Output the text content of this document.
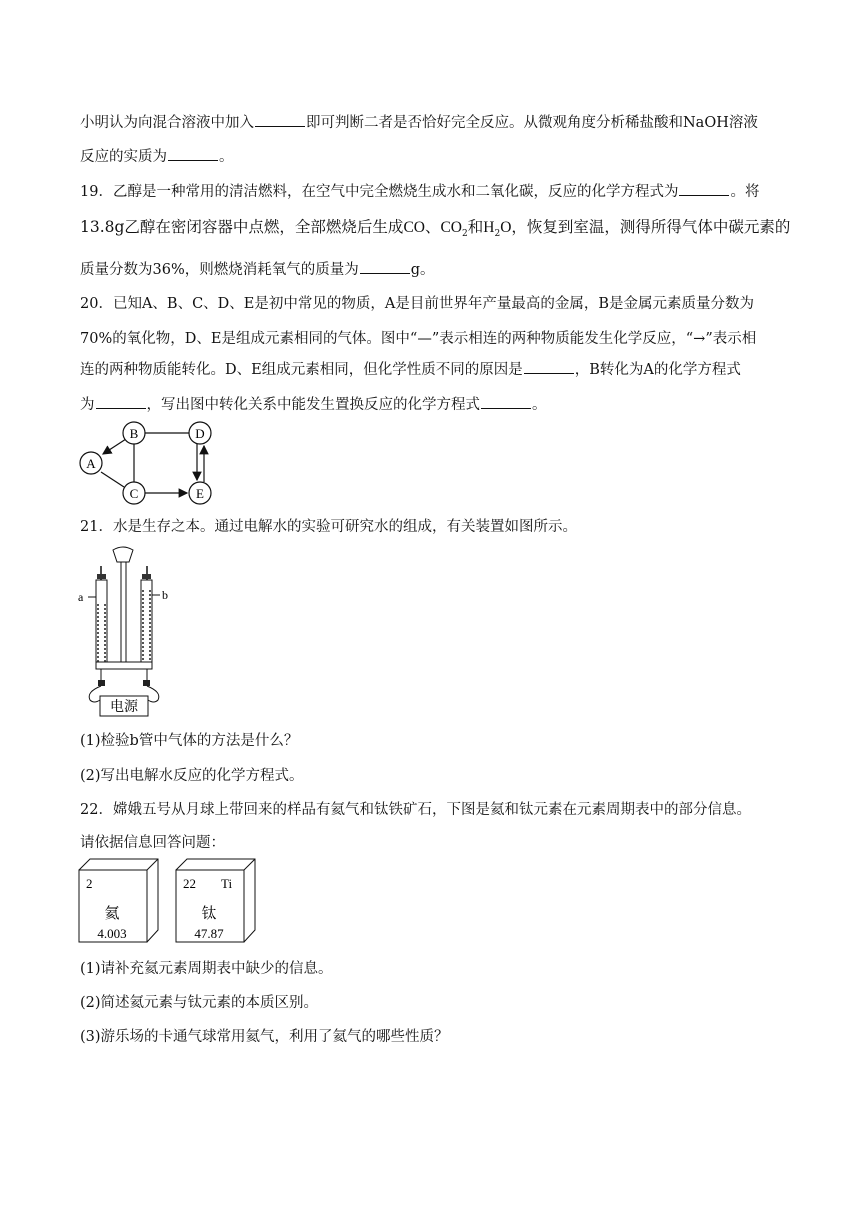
小明认为向混合溶液中加入	即可判断二者是否恰好完全反应。从微观角度分析稀盐酸和NaOH溶液
反应的实质为	。
19．乙醇是一种常用的清洁燃料，在空气中完全燃烧生成水和二氧化碳，反应的化学方程式为	。将
13.8g乙醇在密闭容器中点燃，全部燃烧后生成CO、$CO_2$和$H_2O$，恢复到室温，测得所得气体中碳元素的
质量分数为36%，则燃烧消耗氧气的质量为	g。
20．已知A、B、C、D、E是初中常见的物质，A是目前世界年产量最高的金属，B是金属元素质量分数为
70%的氧化物，D、E是组成元素相同的气体。图中“—”表示相连的两种物质能发生化学反应，“→”表示相
连的两种物质能转化。D、E组成元素相同，但化学性质不同的原因是	，B转化为A的化学方程式
为	，写出图中转化关系中能发生置换反应的化学方程式	。
A
B
C
D
E
21．水是生存之本。通过电解水的实验可研究水的组成，有关装置如图所示。
a	b
电源
(1)检验b管中气体的方法是什么？
(2)写出电解水反应的化学方程式。
22．嫦娥五号从月球上带回来的样品有氦气和钛铁矿石，下图是氦和钛元素在元素周期表中的部分信息。
请依据信息回答问题：
2
氦
4.003
22 Ti
钛
47.87
(1)请补充氦元素周期表中缺少的信息。
(2)简述氦元素与钛元素的本质区别。
(3)游乐场的卡通气球常用氦气，利用了氦气的哪些性质？
